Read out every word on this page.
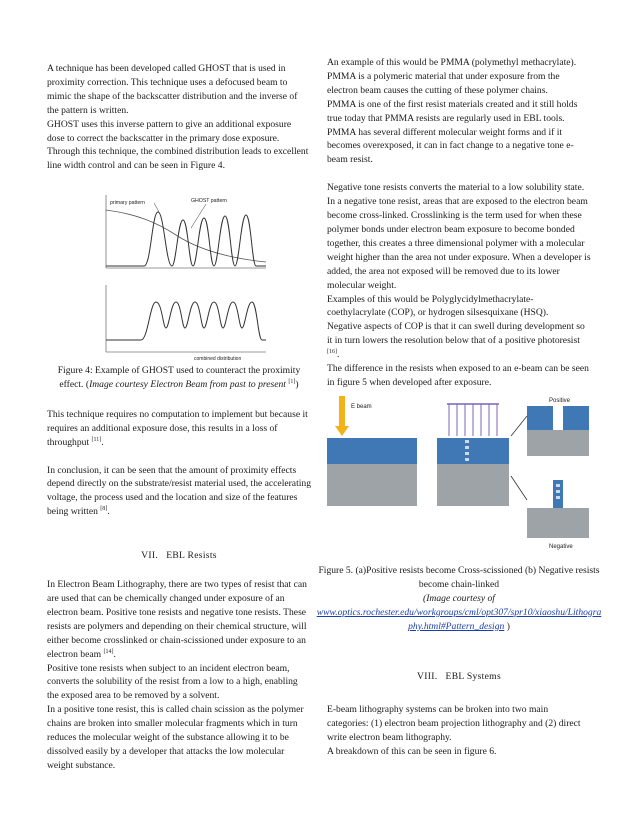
A technique has been developed called GHOST that is used in proximity correction. This technique uses a defocused beam to mimic the shape of the backscatter distribution and the inverse of the pattern is written.

GHOST uses this inverse pattern to give an additional exposure dose to correct the backscatter in the primary dose exposure. Through this technique, the combined distribution leads to excellent line width control and can be seen in Figure 4.

primary pattern	GHOST pattern
combined distribution

Figure 4: Example of GHOST used to counteract the proximity effect. (Image courtesy Electron Beam from past to present [1])

This technique requires no computation to implement but because it requires an additional exposure dose, this results in a loss of throughput [11].

In conclusion, it can be seen that the amount of proximity effects depend directly on the substrate/resist material used, the accelerating voltage, the process used and the location and size of the features being written [8].

VII. EBL Resists

In Electron Beam Lithography, there are two types of resist that can are used that can be chemically changed under exposure of an electron beam. Positive tone resists and negative tone resists. These resists are polymers and depending on their chemical structure, will either become crosslinked or chain-scissioned under exposure to an electron beam [14].

Positive tone resists when subject to an incident electron beam, converts the solubility of the resist from a low to a high, enabling the exposed area to be removed by a solvent.

In a positive tone resist, this is called chain scission as the polymer chains are broken into smaller molecular fragments which in turn reduces the molecular weight of the substance allowing it to be dissolved easily by a developer that attacks the low molecular weight substance.

An example of this would be PMMA (polymethyl methacrylate). PMMA is a polymeric material that under exposure from the electron beam causes the cutting of these polymer chains.

PMMA is one of the first resist materials created and it still holds true today that PMMA resists are regularly used in EBL tools.

PMMA has several different molecular weight forms and if it becomes overexposed, it can in fact change to a negative tone e-beam resist.

Negative tone resists converts the material to a low solubility state. In a negative tone resist, areas that are exposed to the electron beam become cross-linked. Crosslinking is the term used for when these polymer bonds under electron beam exposure to become bonded together, this creates a three dimensional polymer with a molecular weight higher than the area not under exposure. When a developer is added, the area not exposed will be removed due to its lower molecular weight.

Examples of this would be Polyglycidylmethacrylate-coethylacrylate (COP), or hydrogen silsesquixane (HSQ).

Negative aspects of COP is that it can swell during development so it in turn lowers the resolution below that of a positive photoresist [16].

The difference in the resists when exposed to an e-beam can be seen in figure 5 when developed after exposure.

E beam
Positive
Negative

Figure 5. (a)Positive resists become Cross-scissioned (b) Negative resists become chain-linked
(Image courtesy of
www.optics.rochester.edu/workgroups/cml/opt307/spr10/xiaoshu/Lithography.html#Pattern_design )

VIII. EBL Systems

E-beam lithography systems can be broken into two main categories: (1) electron beam projection lithography and (2) direct write electron beam lithography.

A breakdown of this can be seen in figure 6.
